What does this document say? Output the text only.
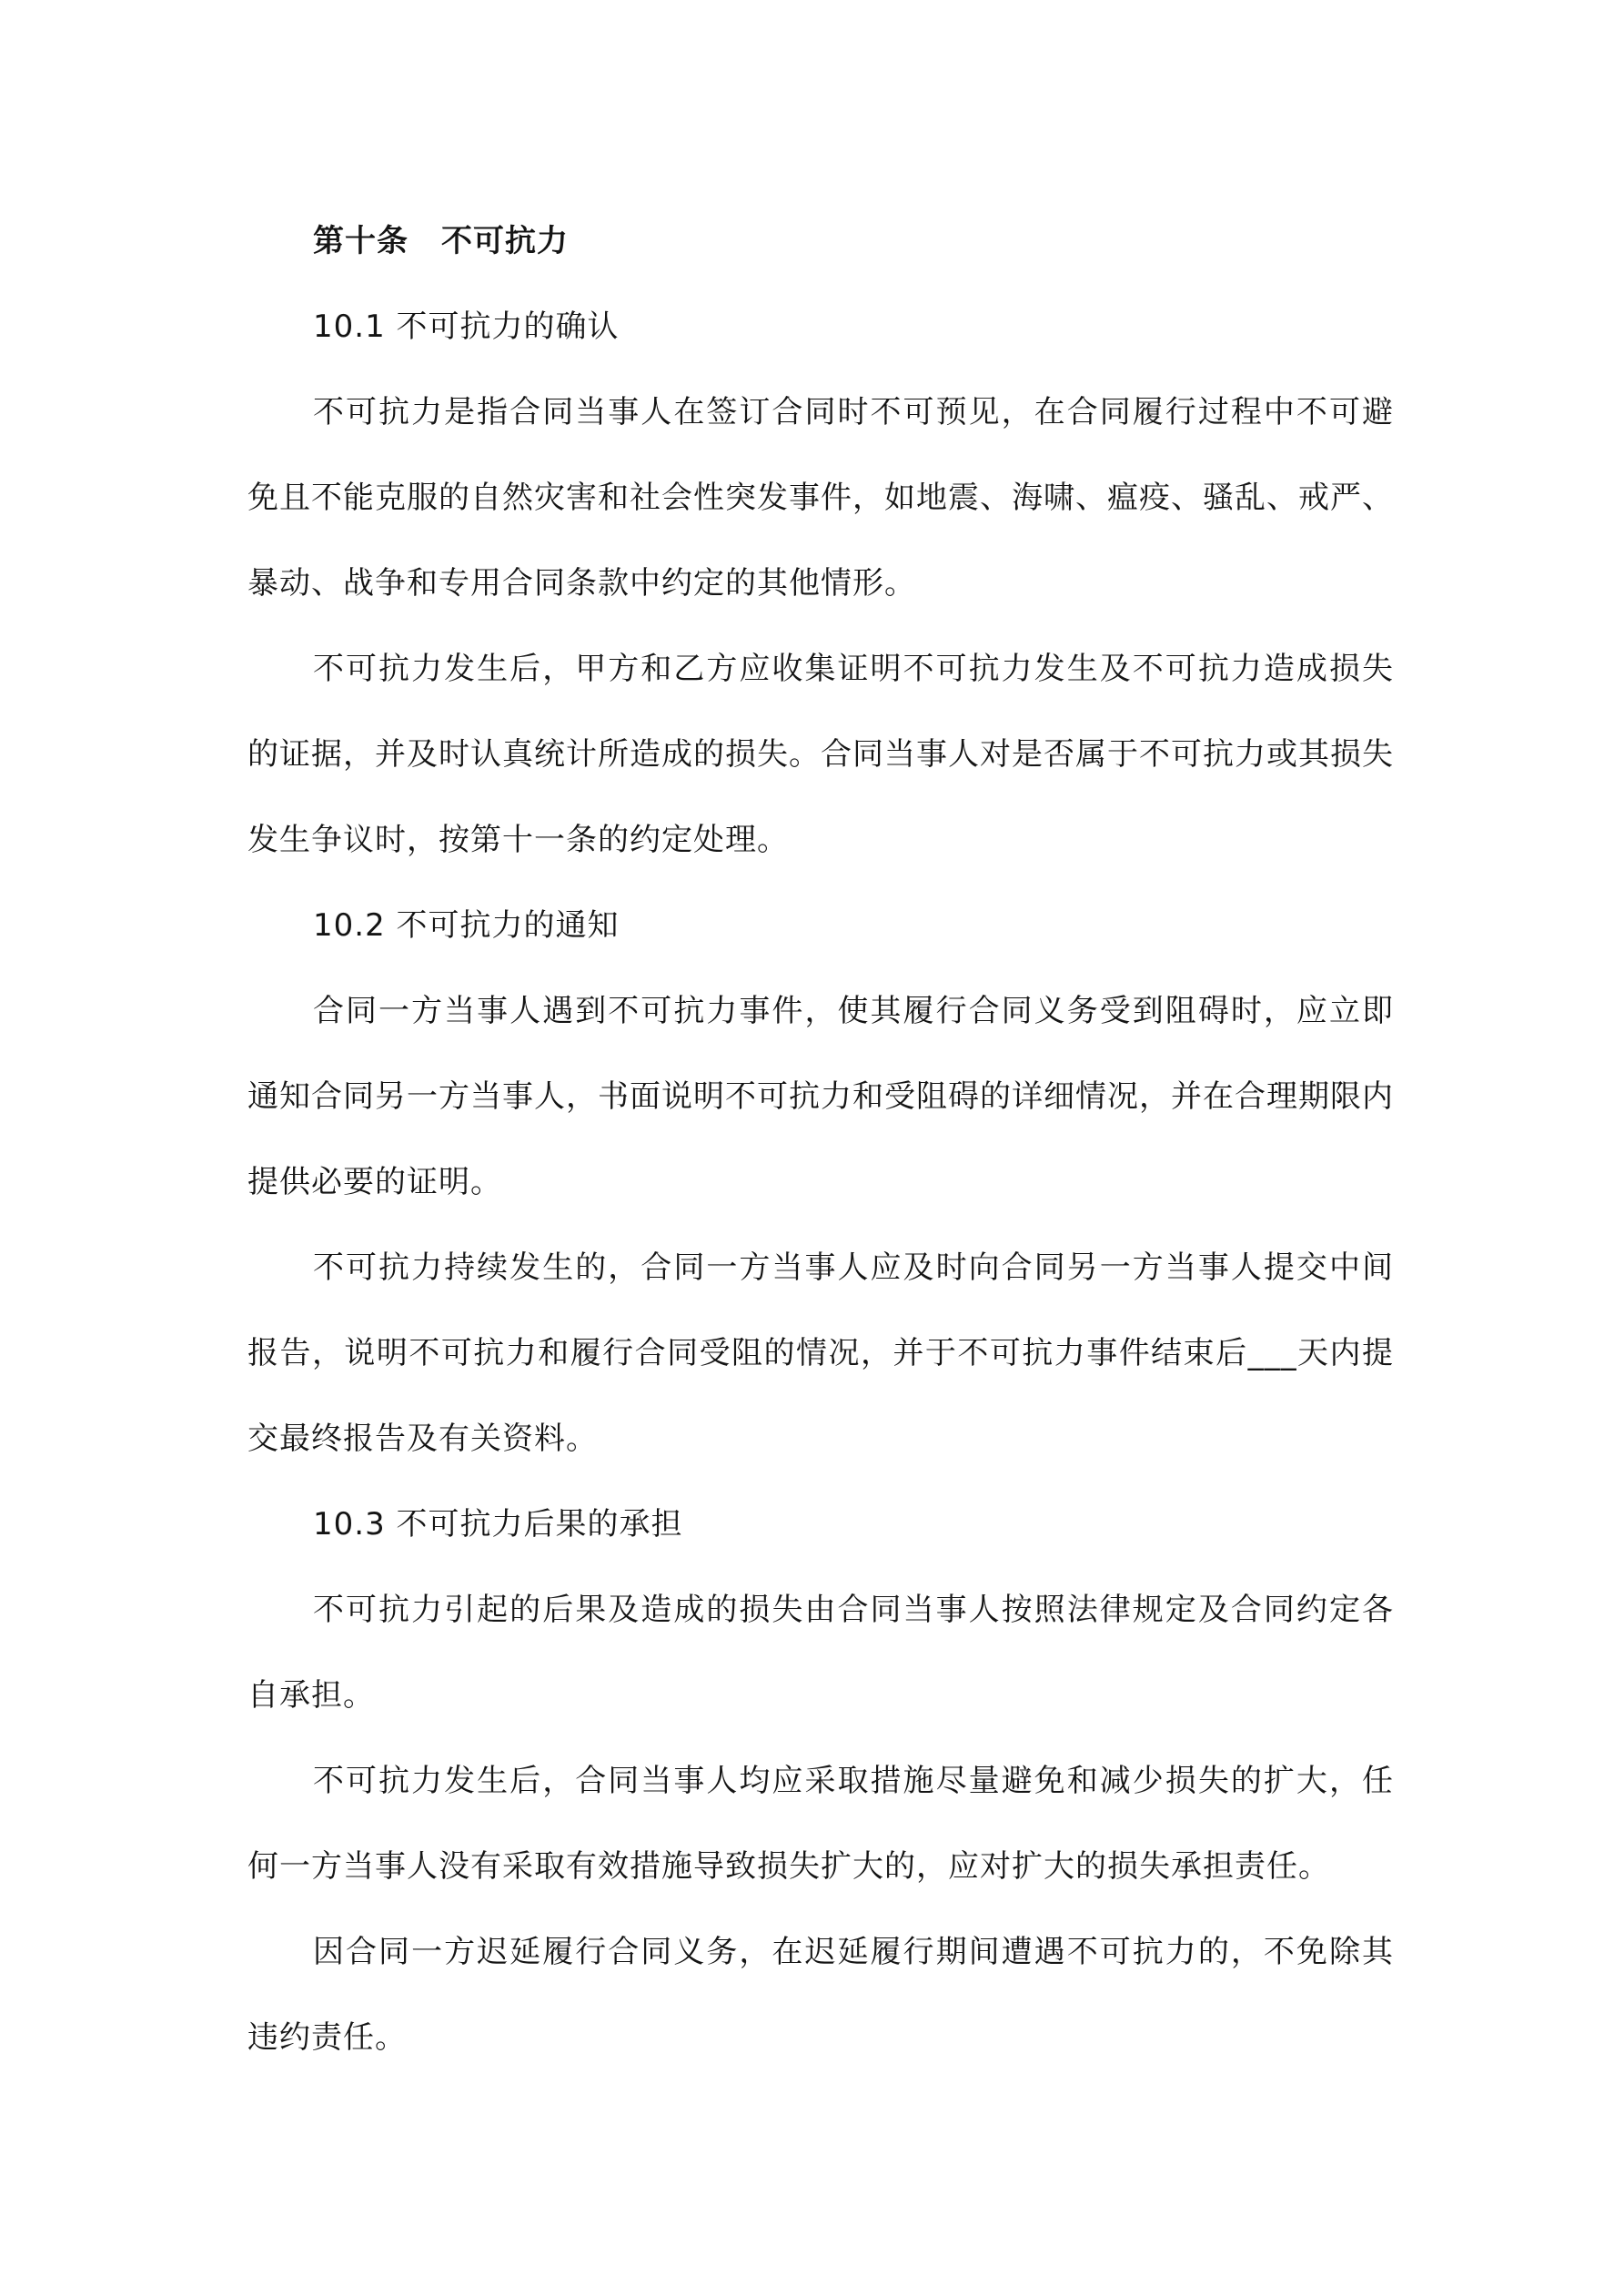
第十条 不可抗力

10.1 不可抗力的确认

不可抗力是指合同当事人在签订合同时不可预见，在合同履行过程中不可避免且不能克服的自然灾害和社会性突发事件，如地震、海啸、瘟疫、骚乱、戒严、暴动、战争和专用合同条款中约定的其他情形。

不可抗力发生后，甲方和乙方应收集证明不可抗力发生及不可抗力造成损失的证据，并及时认真统计所造成的损失。合同当事人对是否属于不可抗力或其损失发生争议时，按第十一条的约定处理。

10.2 不可抗力的通知

合同一方当事人遇到不可抗力事件，使其履行合同义务受到阻碍时，应立即通知合同另一方当事人，书面说明不可抗力和受阻碍的详细情况，并在合理期限内提供必要的证明。

不可抗力持续发生的，合同一方当事人应及时向合同另一方当事人提交中间报告，说明不可抗力和履行合同受阻的情况，并于不可抗力事件结束后___天内提交最终报告及有关资料。

10.3 不可抗力后果的承担

不可抗力引起的后果及造成的损失由合同当事人按照法律规定及合同约定各自承担。

不可抗力发生后，合同当事人均应采取措施尽量避免和减少损失的扩大，任何一方当事人没有采取有效措施导致损失扩大的，应对扩大的损失承担责任。

因合同一方迟延履行合同义务，在迟延履行期间遭遇不可抗力的，不免除其违约责任。
